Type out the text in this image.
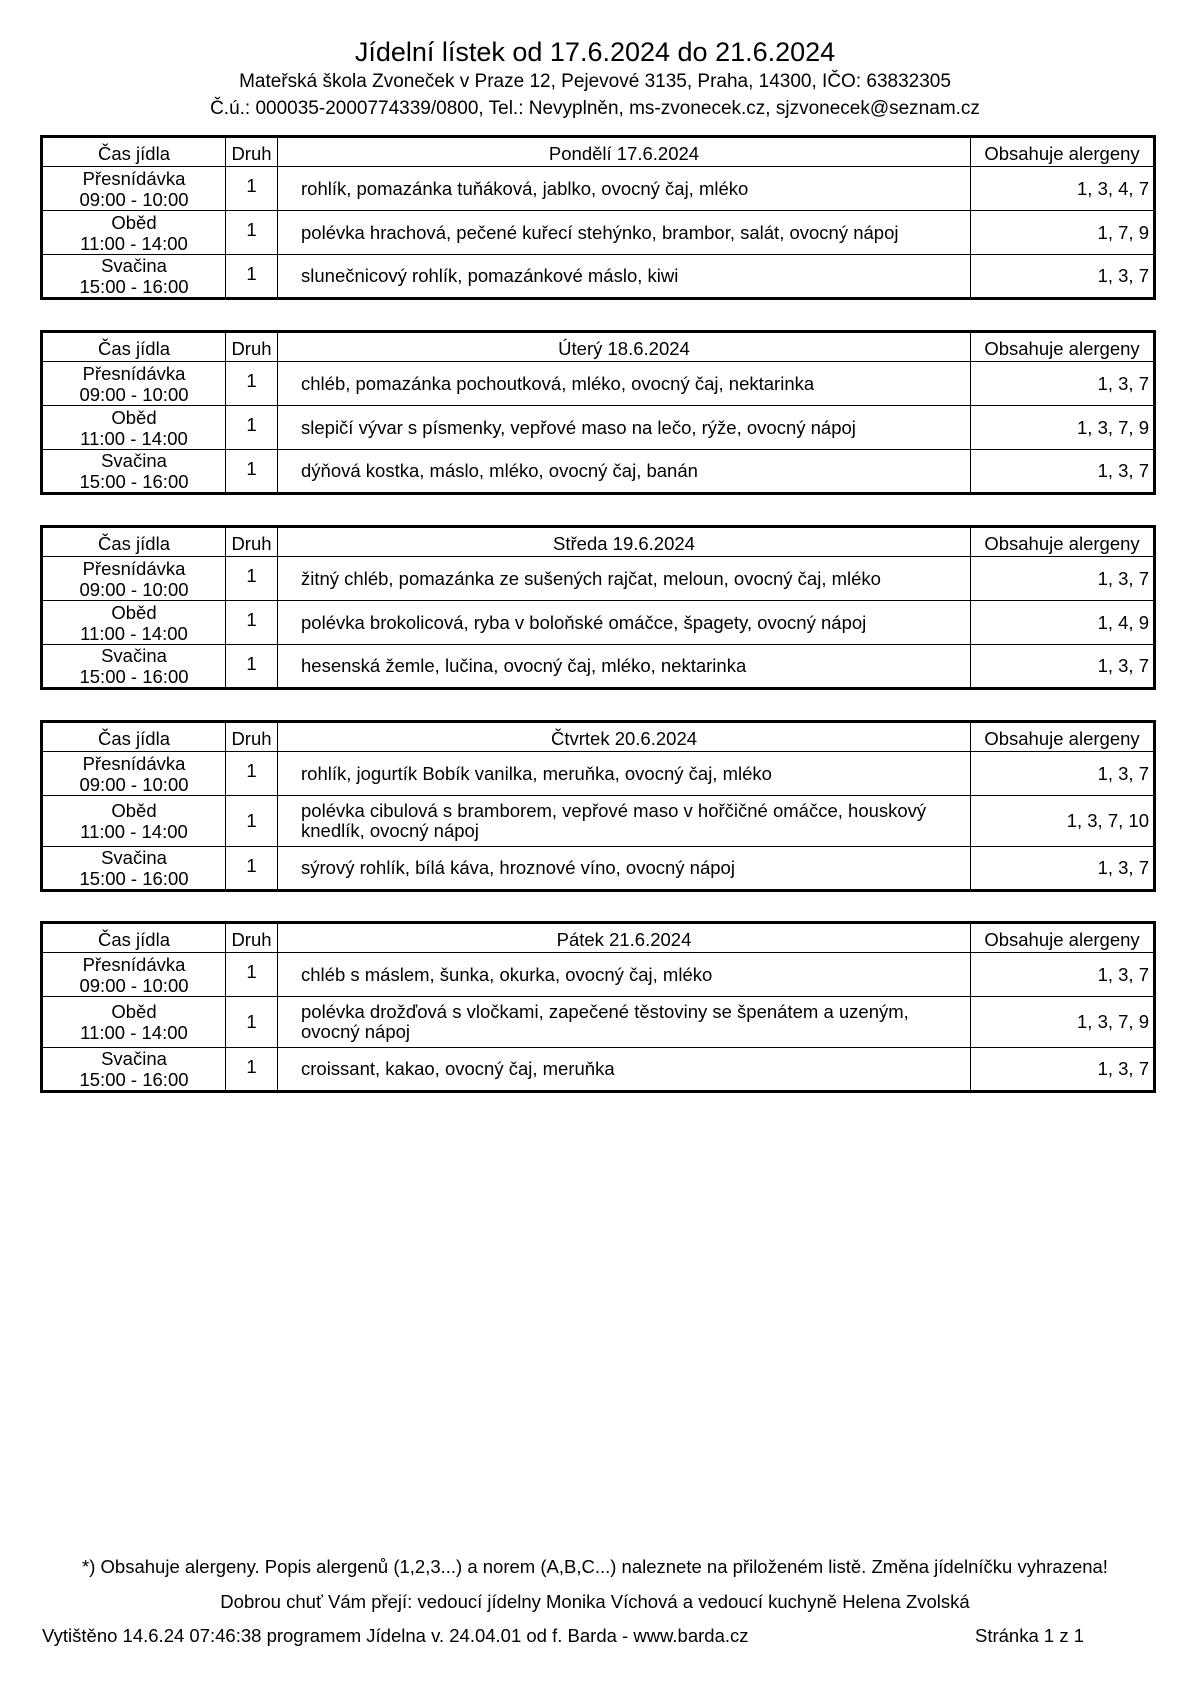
Jídelní lístek od 17.6.2024 do 21.6.2024
Mateřská škola Zvoneček v Praze 12, Pejevové 3135, Praha, 14300, IČO: 63832305
Č.ú.: 000035-2000774339/0800, Tel.: Nevyplněn, ms-zvonecek.cz, sjzvonecek@seznam.cz
Čas jídla	Druh	Pondělí 17.6.2024	Obsahuje alergeny

Přesnídávka
09:00 - 10:00	1	rohlík, pomazánka tuňáková, jablko, ovocný čaj, mléko	1, 3, 4, 7

Oběd
11:00 - 14:00	1	polévka hrachová, pečené kuřecí stehýnko, brambor, salát, ovocný nápoj	1, 7, 9

Svačina
15:00 - 16:00	1	slunečnicový rohlík, pomazánkové máslo, kiwi	1, 3, 7
Čas jídla	Druh	Úterý 18.6.2024	Obsahuje alergeny

Přesnídávka
09:00 - 10:00	1	chléb, pomazánka pochoutková, mléko, ovocný čaj, nektarinka	1, 3, 7

Oběd
11:00 - 14:00	1	slepičí vývar s písmenky, vepřové maso na lečo, rýže, ovocný nápoj	1, 3, 7, 9

Svačina
15:00 - 16:00	1	dýňová kostka, máslo, mléko, ovocný čaj, banán	1, 3, 7
Čas jídla	Druh	Středa 19.6.2024	Obsahuje alergeny

Přesnídávka
09:00 - 10:00	1	žitný chléb, pomazánka ze sušených rajčat, meloun, ovocný čaj, mléko	1, 3, 7

Oběd
11:00 - 14:00	1	polévka brokolicová, ryba v boloňské omáčce, špagety, ovocný nápoj	1, 4, 9

Svačina
15:00 - 16:00	1	hesenská žemle, lučina, ovocný čaj, mléko, nektarinka	1, 3, 7
Čas jídla	Druh	Čtvrtek 20.6.2024	Obsahuje alergeny

Přesnídávka
09:00 - 10:00	1	rohlík, jogurtík Bobík vanilka, meruňka, ovocný čaj, mléko	1, 3, 7

Oběd
11:00 - 14:00	1	polévka cibulová s bramborem, vepřové maso v hořčičné omáčce, houskový knedlík, ovocný nápoj	1, 3, 7, 10

Svačina
15:00 - 16:00	1	sýrový rohlík, bílá káva, hroznové víno, ovocný nápoj	1, 3, 7
Čas jídla	Druh	Pátek 21.6.2024	Obsahuje alergeny

Přesnídávka
09:00 - 10:00	1	chléb s máslem, šunka, okurka, ovocný čaj, mléko	1, 3, 7

Oběd
11:00 - 14:00	1	polévka drožďová s vločkami, zapečené těstoviny se špenátem a uzeným, ovocný nápoj	1, 3, 7, 9

Svačina
15:00 - 16:00	1	croissant, kakao, ovocný čaj, meruňka	1, 3, 7
*) Obsahuje alergeny. Popis alergenů (1,2,3...) a norem (A,B,C...) naleznete na přiloženém listě. Změna jídelníčku vyhrazena!
Dobrou chuť Vám přejí: vedoucí jídelny Monika Víchová a vedoucí kuchyně Helena Zvolská
Vytištěno 14.6.24 07:46:38 programem Jídelna v. 24.04.01 od f. Barda - www.barda.cz	Stránka 1 z 1
